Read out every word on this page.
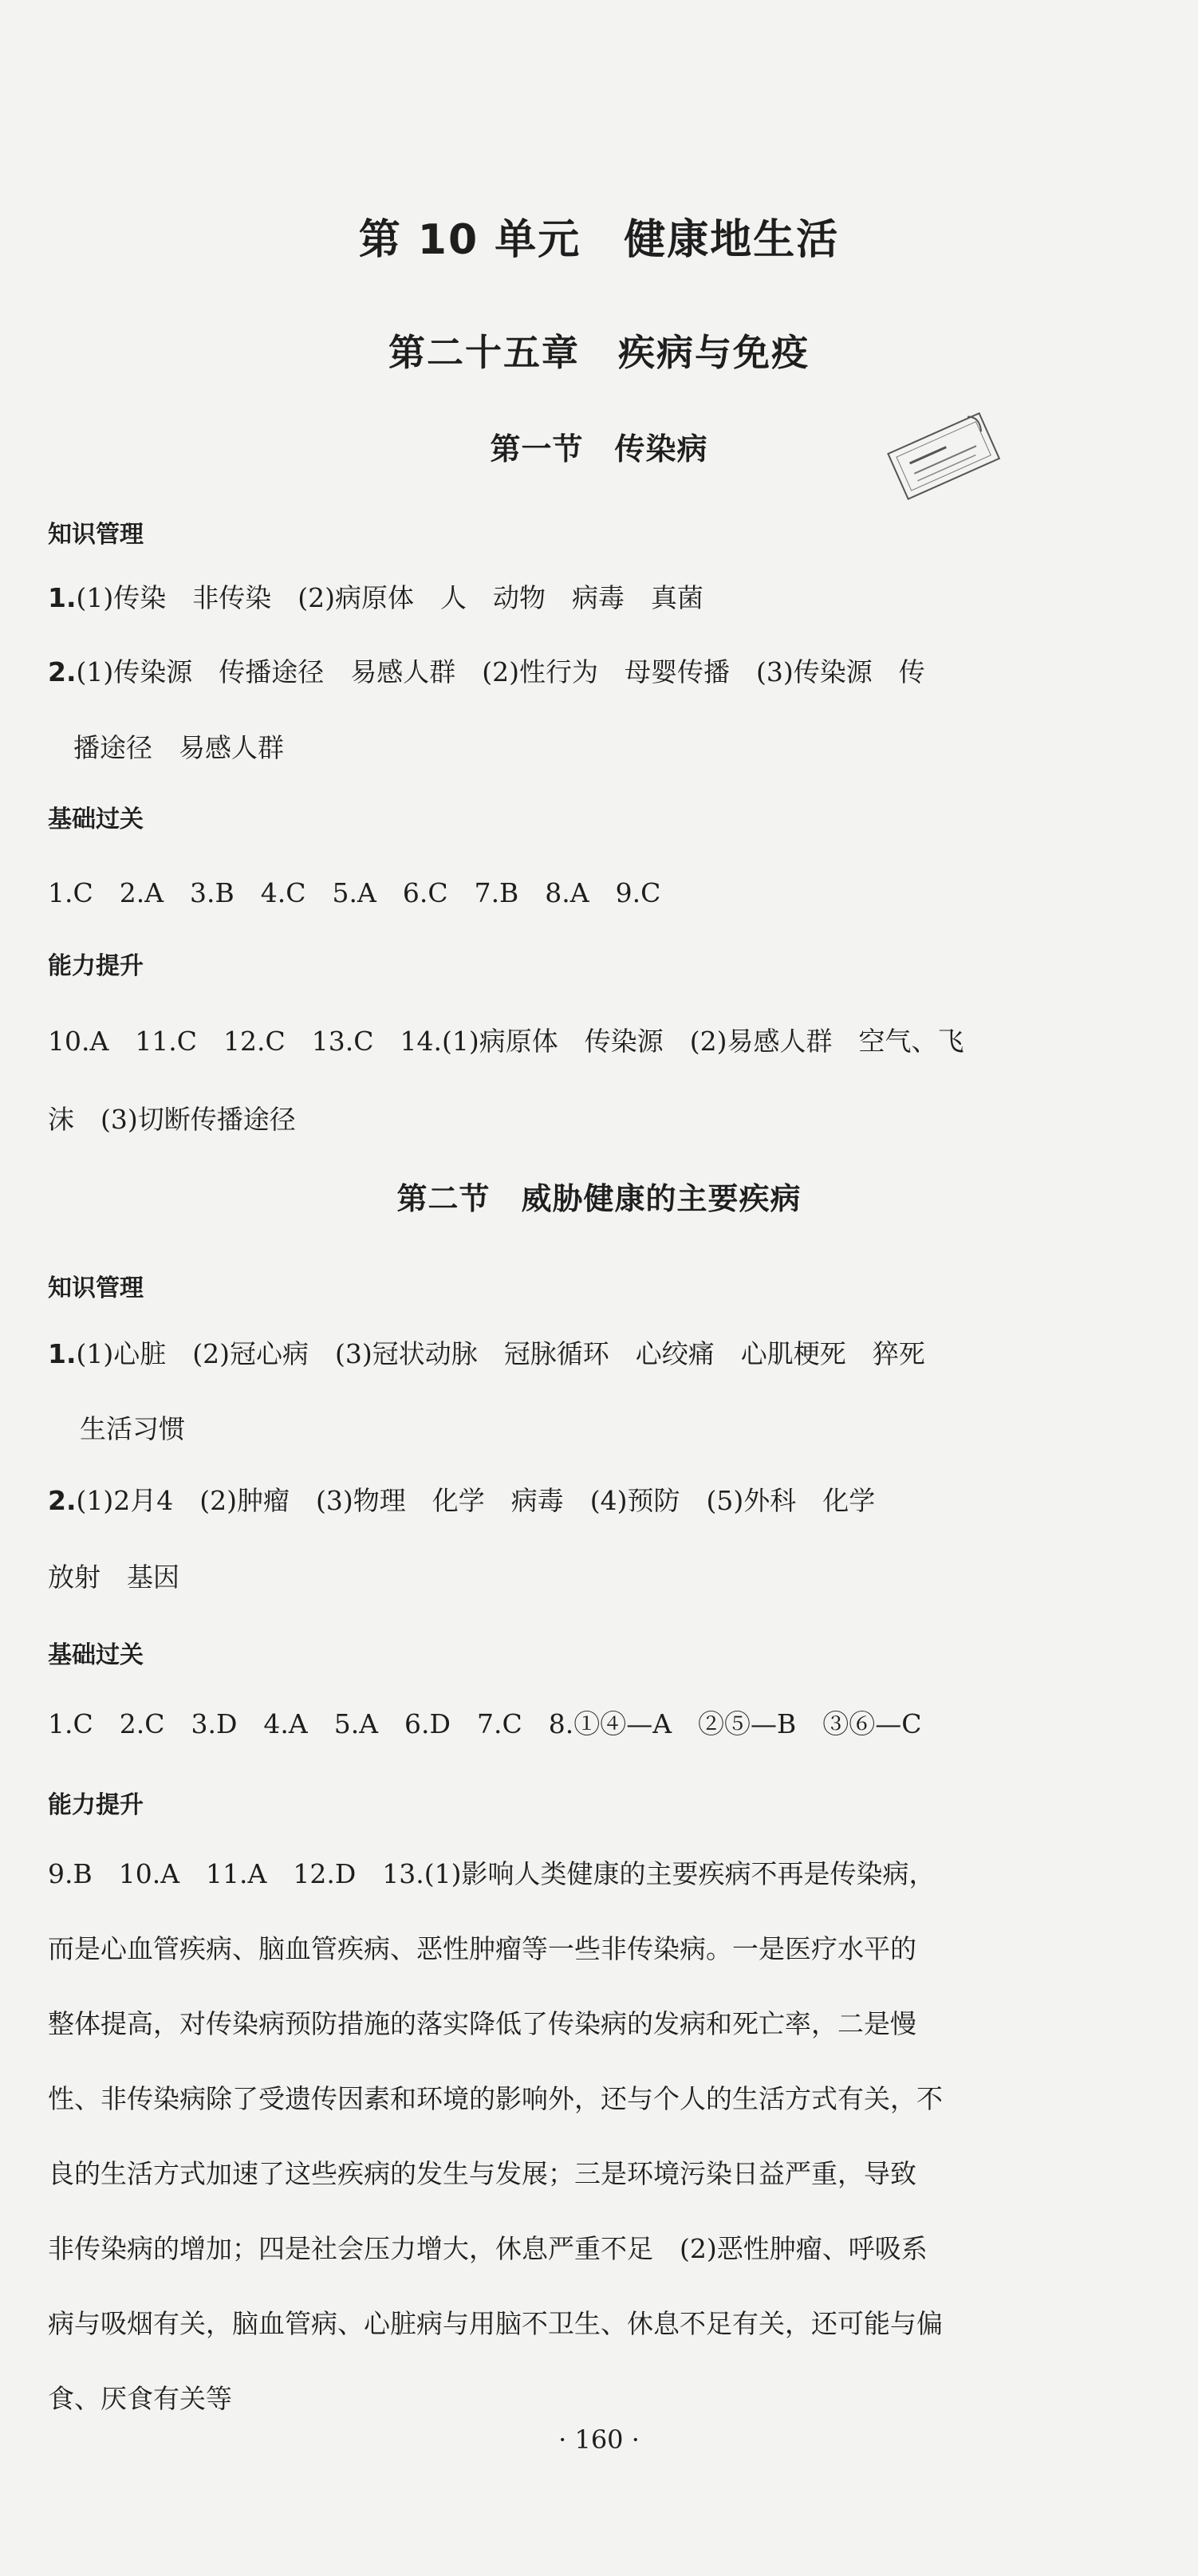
第 10 单元　健康地生活
第二十五章　疾病与免疫
第一节　传染病
知识管理
1.(1)传染　非传染　(2)病原体　人　动物　病毒　真菌
2.(1)传染源　传播途径　易感人群　(2)性行为　母婴传播　(3)传染源　传
播途径　易感人群
基础过关
1.C　2.A　3.B　4.C　5.A　6.C　7.B　8.A　9.C
能力提升
10.A　11.C　12.C　13.C　14.(1)病原体　传染源　(2)易感人群　空气、飞
沫　(3)切断传播途径
第二节　威胁健康的主要疾病
知识管理
1.(1)心脏　(2)冠心病　(3)冠状动脉　冠脉循环　心绞痛　心肌梗死　猝死
生活习惯
2.(1)2月4　(2)肿瘤　(3)物理　化学　病毒　(4)预防　(5)外科　化学
放射　基因
基础过关
1.C　2.C　3.D　4.A　5.A　6.D　7.C　8.①④—A　②⑤—B　③⑥—C
能力提升
9.B　10.A　11.A　12.D　13.(1)影响人类健康的主要疾病不再是传染病，
而是心血管疾病、脑血管疾病、恶性肿瘤等一些非传染病。一是医疗水平的
整体提高，对传染病预防措施的落实降低了传染病的发病和死亡率，二是慢
性、非传染病除了受遗传因素和环境的影响外，还与个人的生活方式有关，不
良的生活方式加速了这些疾病的发生与发展；三是环境污染日益严重，导致
非传染病的增加；四是社会压力增大，休息严重不足　(2)恶性肿瘤、呼吸系
病与吸烟有关，脑血管病、心脏病与用脑不卫生、休息不足有关，还可能与偏
食、厌食有关等
· 160 ·
